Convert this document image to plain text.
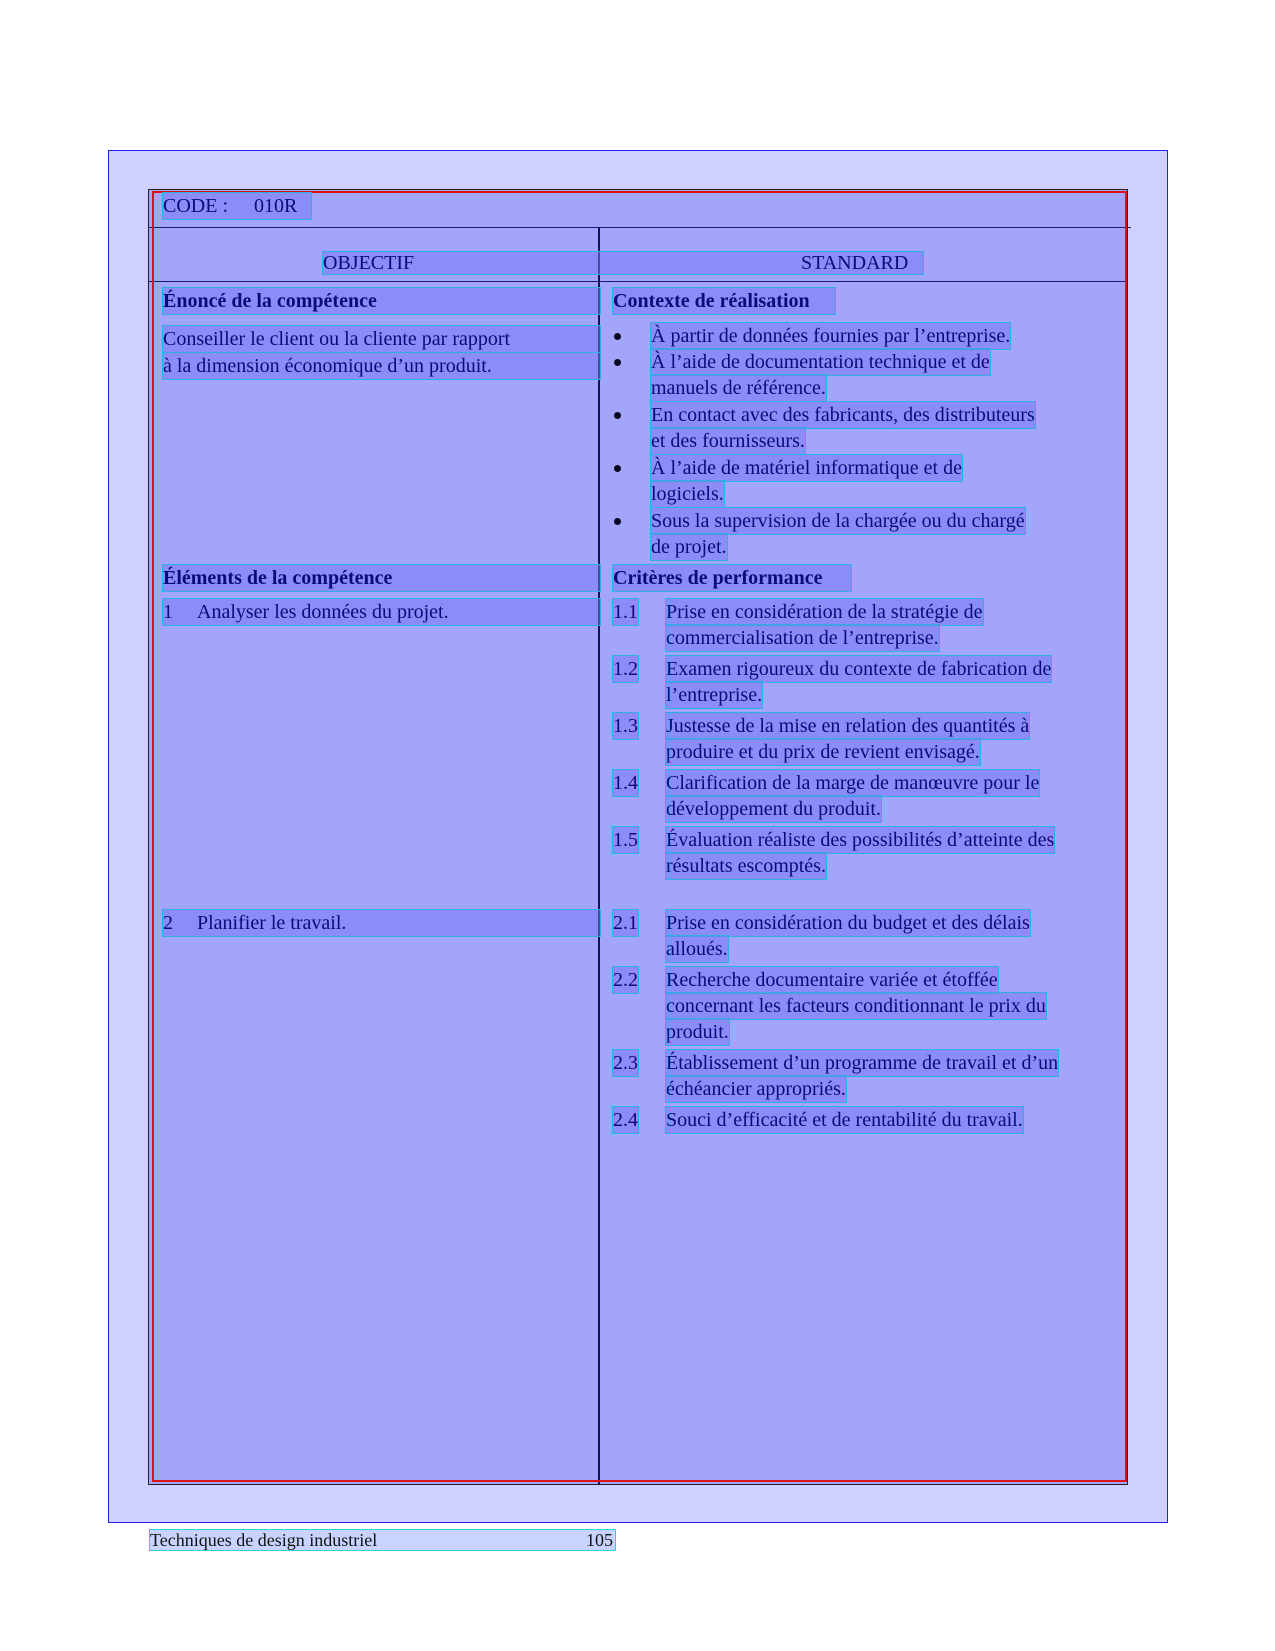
CODE : 010R
OBJECTIF	STANDARD
Énoncé de la compétence
Conseiller le client ou la cliente par rapport
à la dimension économique d’un produit.
Éléments de la compétence
1 Analyser les données du projet.
2 Planifier le travail.
Contexte de réalisation
À partir de données fournies par l’entreprise.
À l’aide de documentation technique et de
manuels de référence.
En contact avec des fabricants, des distributeurs
et des fournisseurs.
À l’aide de matériel informatique et de
logiciels.
Sous la supervision de la chargée ou du chargé
de projet.
Critères de performance
1.1 Prise en considération de la stratégie de
commercialisation de l’entreprise.
1.2 Examen rigoureux du contexte de fabrication de
l’entreprise.
1.3 Justesse de la mise en relation des quantités à
produire et du prix de revient envisagé.
1.4 Clarification de la marge de manœuvre pour le
développement du produit.
1.5 Évaluation réaliste des possibilités d’atteinte des
résultats escomptés.
2.1 Prise en considération du budget et des délais
alloués.
2.2 Recherche documentaire variée et étoffée
concernant les facteurs conditionnant le prix du
produit.
2.3 Établissement d’un programme de travail et d’un
échéancier appropriés.
2.4 Souci d’efficacité et de rentabilité du travail.
Techniques de design industriel	105
